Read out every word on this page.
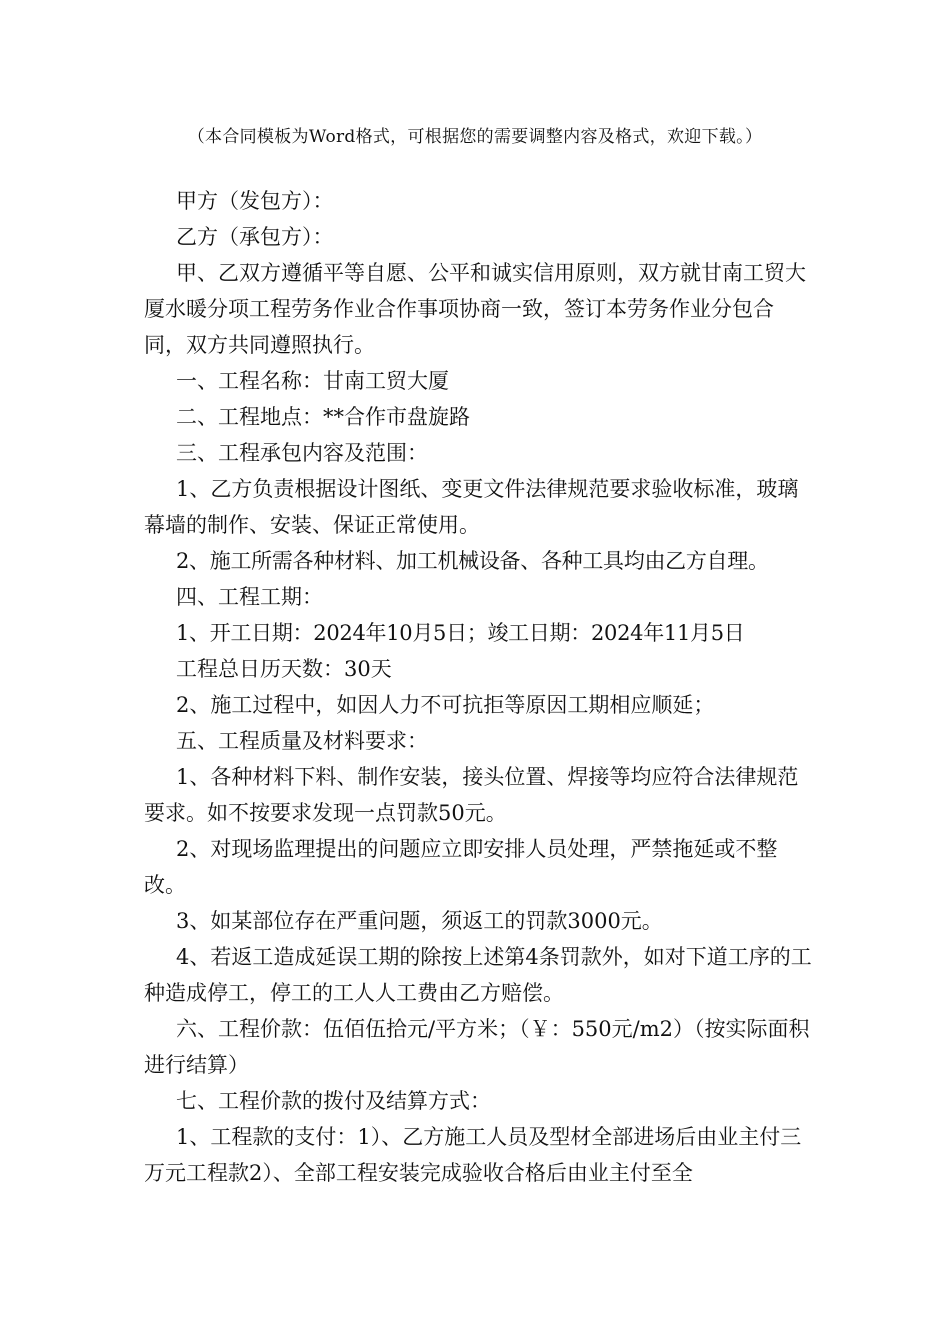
（本合同模板为Word格式，可根据您的需要调整内容及格式，欢迎下载。）

甲方（发包方）：

乙方（承包方）：

甲、乙双方遵循平等自愿、公平和诚实信用原则，双方就甘南工贸大厦水暖分项工程劳务作业合作事项协商一致，签订本劳务作业分包合同，双方共同遵照执行。

一、工程名称：甘南工贸大厦

二、工程地点：**合作市盘旋路

三、工程承包内容及范围：

1、乙方负责根据设计图纸、变更文件法律规范要求验收标准，玻璃幕墙的制作、安装、保证正常使用。

2、施工所需各种材料、加工机械设备、各种工具均由乙方自理。

四、工程工期：

1、开工日期：2024年10月5日；竣工日期：2024年11月5日

工程总日历天数：30天

2、施工过程中，如因人力不可抗拒等原因工期相应顺延；

五、工程质量及材料要求：

1、各种材料下料、制作安装，接头位置、焊接等均应符合法律规范要求。如不按要求发现一点罚款50元。

2、对现场监理提出的问题应立即安排人员处理，严禁拖延或不整改。

3、如某部位存在严重问题，须返工的罚款3000元。

4、若返工造成延误工期的除按上述第4条罚款外，如对下道工序的工种造成停工，停工的工人人工费由乙方赔偿。

六、工程价款：伍佰伍拾元/平方米；（￥：550元/m2）（按实际面积进行结算）

七、工程价款的拨付及结算方式：

1、工程款的支付：1）、乙方施工人员及型材全部进场后由业主付三万元工程款2）、全部工程安装完成验收合格后由业主付至全
